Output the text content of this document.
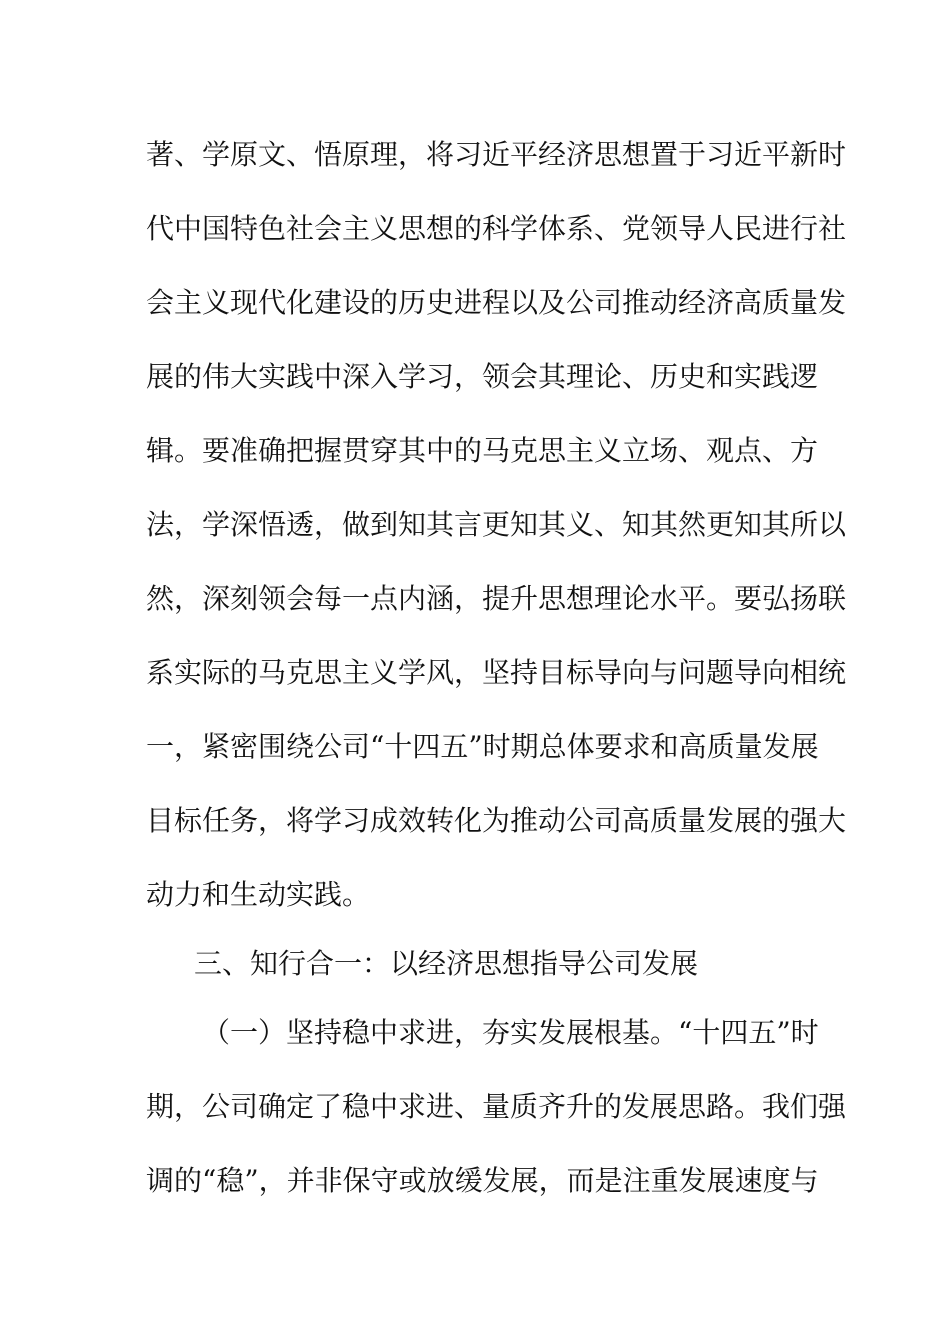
著、学原文、悟原理，将习近平经济思想置于习近平新时
代中国特色社会主义思想的科学体系、党领导人民进行社
会主义现代化建设的历史进程以及公司推动经济高质量发
展的伟大实践中深入学习，领会其理论、历史和实践逻
辑。要准确把握贯穿其中的马克思主义立场、观点、方
法，学深悟透，做到知其言更知其义、知其然更知其所以
然，深刻领会每一点内涵，提升思想理论水平。要弘扬联
系实际的马克思主义学风，坚持目标导向与问题导向相统
一，紧密围绕公司“十四五”时期总体要求和高质量发展
目标任务，将学习成效转化为推动公司高质量发展的强大
动力和生动实践。
三、知行合一：以经济思想指导公司发展
（一）坚持稳中求进，夯实发展根基。“十四五”时
期，公司确定了稳中求进、量质齐升的发展思路。我们强
调的“稳”，并非保守或放缓发展，而是注重发展速度与
